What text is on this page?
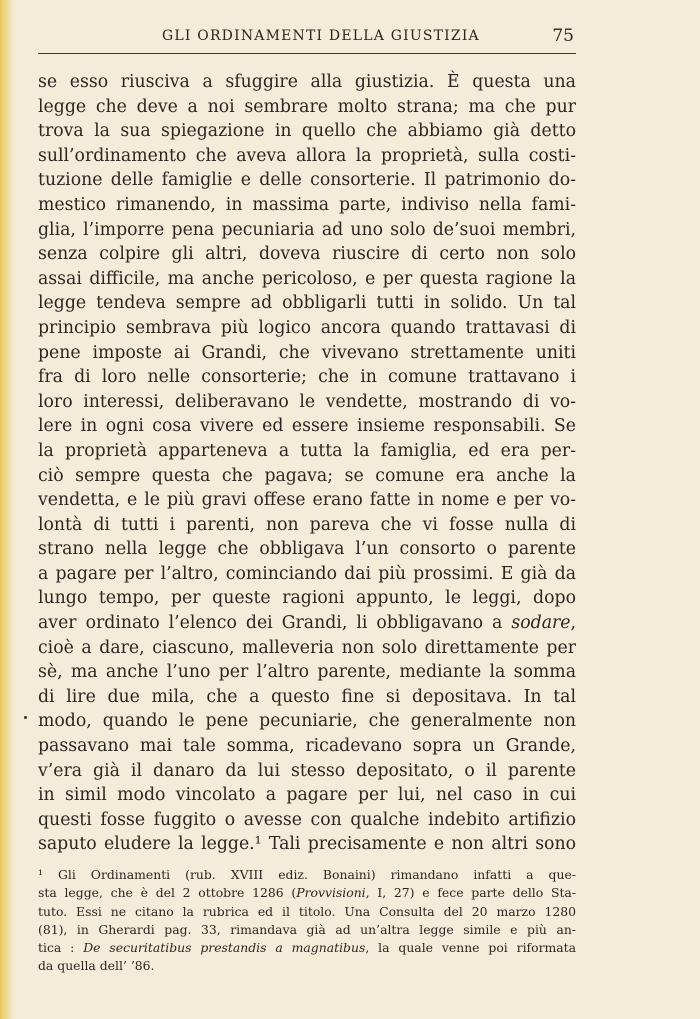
GLI ORDINAMENTI DELLA GIUSTIZIA	75
se esso riusciva a sfuggire alla giustizia. È questa una
legge che deve a noi sembrare molto strana; ma che pur
trova la sua spiegazione in quello che abbiamo già detto
sull’ordinamento che aveva allora la proprietà, sulla costi-
tuzione delle famiglie e delle consorterie. Il patrimonio do-
mestico rimanendo, in massima parte, indiviso nella fami-
glia, l’imporre pena pecuniaria ad uno solo de’suoi membri,
senza colpire gli altri, doveva riuscire di certo non solo
assai difficile, ma anche pericoloso, e per questa ragione la
legge tendeva sempre ad obbligarli tutti in solido. Un tal
principio sembrava più logico ancora quando trattavasi di
pene imposte ai Grandi, che vivevano strettamente uniti
fra di loro nelle consorterie; che in comune trattavano i
loro interessi, deliberavano le vendette, mostrando di vo-
lere in ogni cosa vivere ed essere insieme responsabili. Se
la proprietà apparteneva a tutta la famiglia, ed era per-
ciò sempre questa che pagava; se comune era anche la
vendetta, e le più gravi offese erano fatte in nome e per vo-
lontà di tutti i parenti, non pareva che vi fosse nulla di
strano nella legge che obbligava l’un consorto o parente
a pagare per l’altro, cominciando dai più prossimi. E già da
lungo tempo, per queste ragioni appunto, le leggi, dopo
aver ordinato l’elenco dei Grandi, li obbligavano a sodare,
cioè a dare, ciascuno, malleveria non solo direttamente per
sè, ma anche l’uno per l’altro parente, mediante la somma
di lire due mila, che a questo fine si depositava. In tal
modo, quando le pene pecuniarie, che generalmente non
passavano mai tale somma, ricadevano sopra un Grande,
v’era già il danaro da lui stesso depositato, o il parente
in simil modo vincolato a pagare per lui, nel caso in cui
questi fosse fuggito o avesse con qualche indebito artifizio
saputo eludere la legge.¹ Tali precisamente e non altri sono
¹ Gli Ordinamenti (rub. XVIII ediz. Bonaini) rimandano infatti a que-
sta legge, che è del 2 ottobre 1286 (Provvisioni, I, 27) e fece parte dello Sta-
tuto. Essi ne citano la rubrica ed il titolo. Una Consulta del 20 marzo 1280
(81), in Gherardi pag. 33, rimandava già ad un’altra legge simile e più an-
tica : De securitatibus prestandis a magnatibus, la quale venne poi riformata
da quella dell’ ’86.
